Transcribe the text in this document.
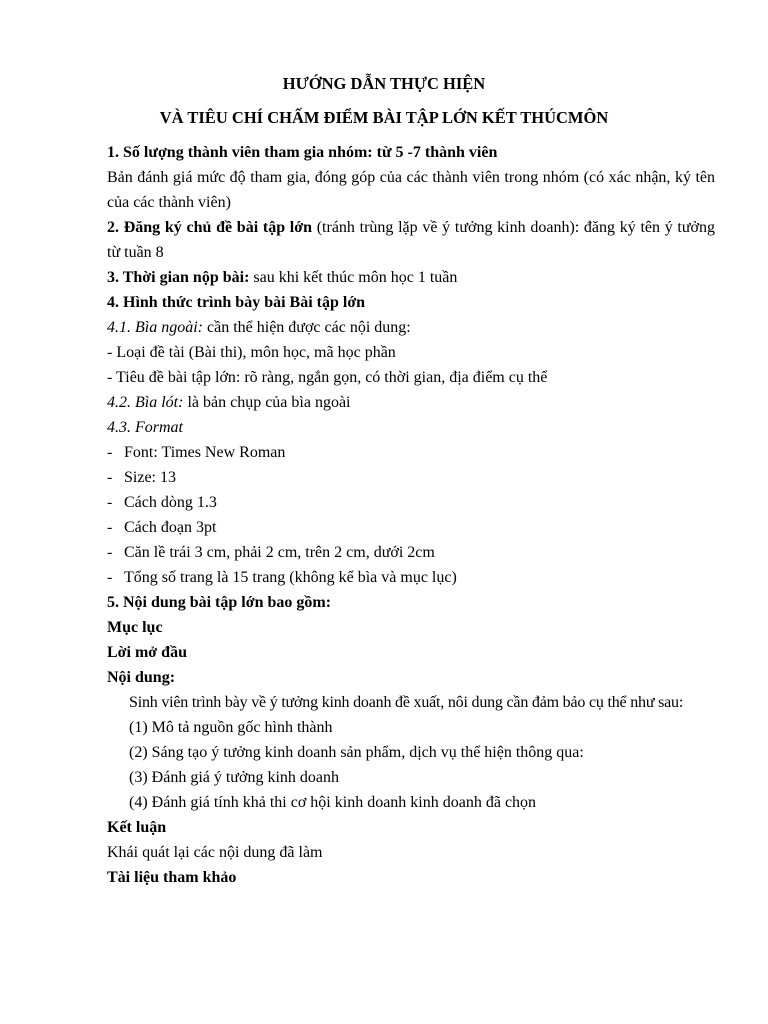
HƯỚNG DẪN THỰC HIỆN
VÀ TIÊU CHÍ CHẤM ĐIỂM BÀI TẬP LỚN KẾT THÚCMÔN

1. Số lượng thành viên tham gia nhóm: từ 5 -7 thành viên

Bản đánh giá mức độ tham gia, đóng góp của các thành viên trong nhóm (có xác nhận, ký tên của các thành viên)

2. Đăng ký chủ đề bài tập lớn (tránh trùng lặp về ý tưởng kinh doanh): đăng ký tên ý tưởng từ tuần 8

3. Thời gian nộp bài: sau khi kết thúc môn học 1 tuần

4. Hình thức trình bày bài Bài tập lớn

4.1. Bìa ngoài: cần thể hiện được các nội dung:

- Loại đề tài (Bài thi), môn học, mã học phần

- Tiêu đề bài tập lớn: rõ ràng, ngắn gọn, có thời gian, địa điểm cụ thể

4.2. Bìa lót: là bản chụp của bìa ngoài

4.3. Format

- Font: Times New Roman

- Size: 13

- Cách dòng 1.3

- Cách đoạn 3pt

- Căn lề trái 3 cm, phải 2 cm, trên 2 cm, dưới 2cm

- Tổng số trang là 15 trang (không kể bìa và mục lục)

5. Nội dung bài tập lớn bao gồm:

Mục lục

Lời mở đầu

Nội dung:

Sinh viên trình bày về ý tưởng kinh doanh đề xuất, nôi dung cần đảm bảo cụ thể như sau:

(1) Mô tả nguồn gốc hình thành

(2) Sáng tạo ý tưởng kinh doanh sản phẩm, dịch vụ thể hiện thông qua:

(3) Đánh giá ý tưởng kinh doanh

(4) Đánh giá tính khả thi cơ hội kinh doanh kinh doanh đã chọn

Kết luận

Khái quát lại các nội dung đã làm

Tài liệu tham khảo
